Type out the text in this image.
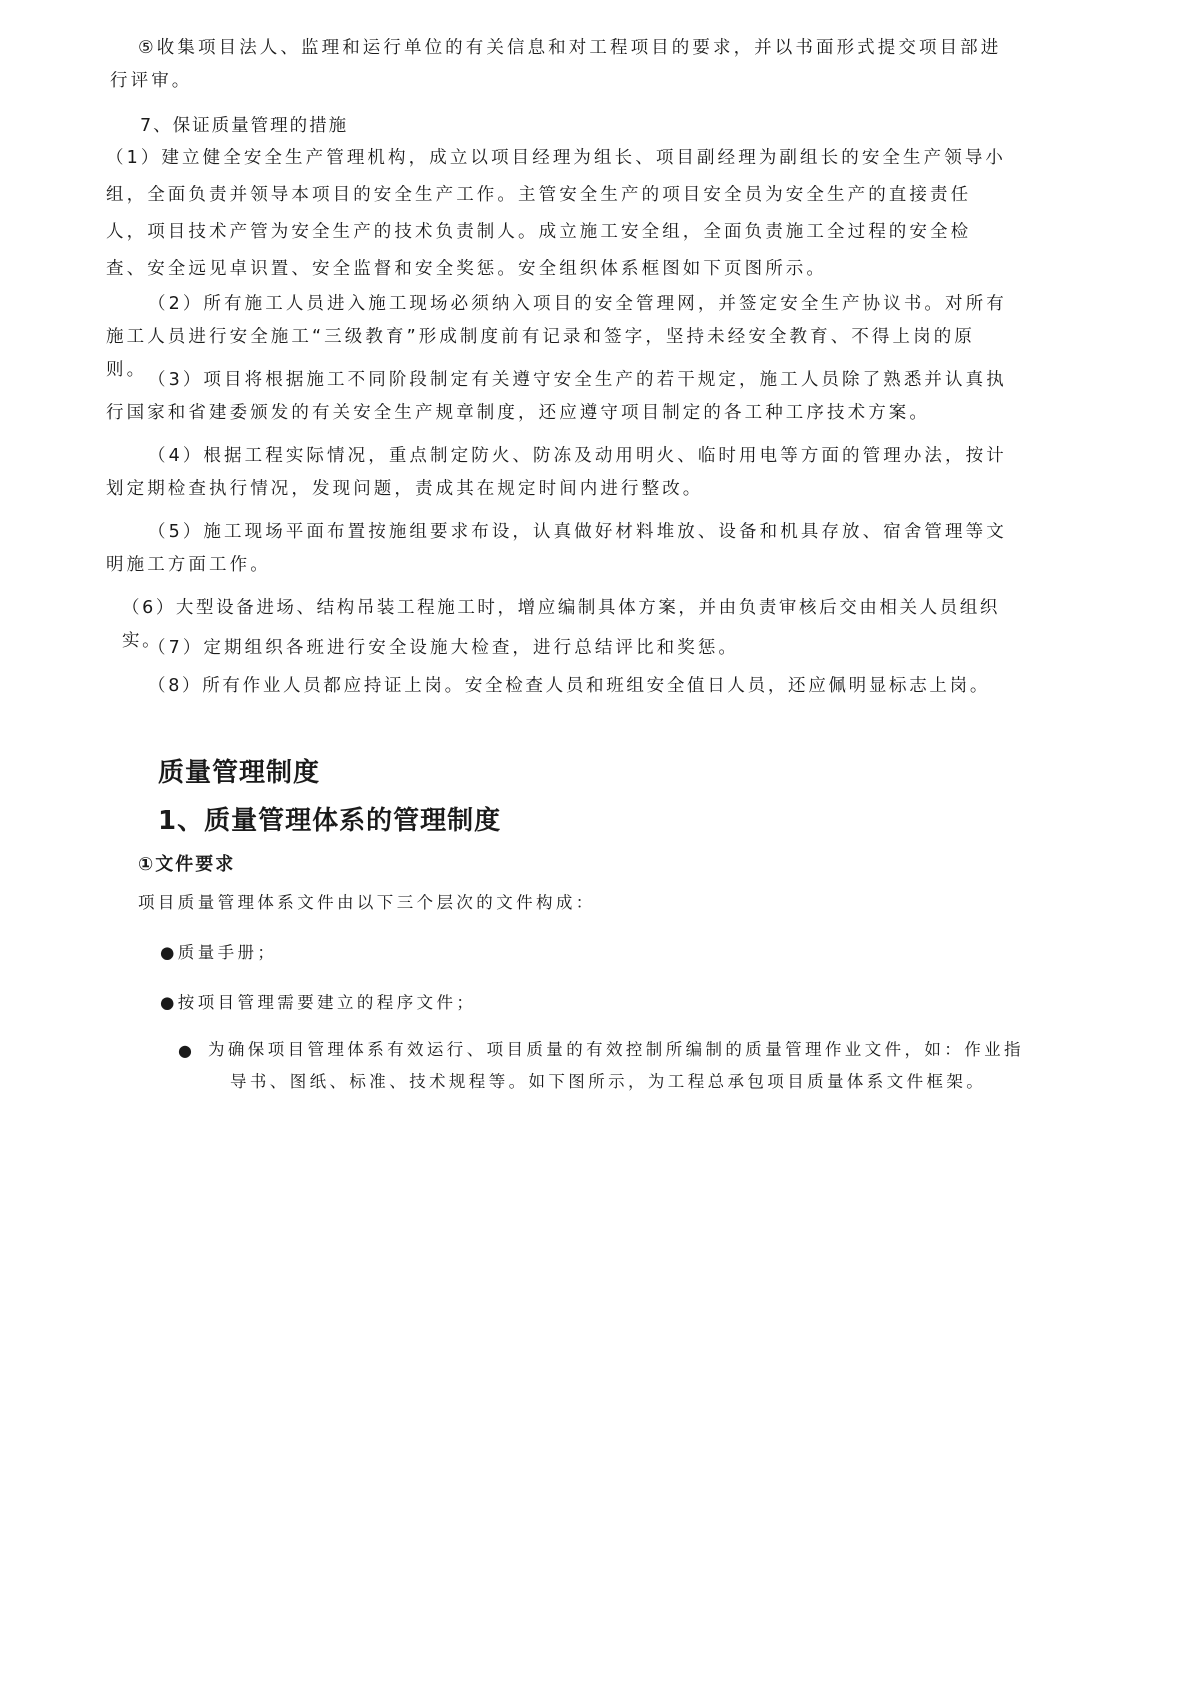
⑤收集项目法人、监理和运行单位的有关信息和对工程项目的要求，并以书面形式提交项目部进行评审。

7、保证质量管理的措施

（1）建立健全安全生产管理机构，成立以项目经理为组长、项目副经理为副组长的安全生产领导小组，全面负责并领导本项目的安全生产工作。主管安全生产的项目安全员为安全生产的直接责任人，项目技术产管为安全生产的技术负责制人。成立施工安全组，全面负责施工全过程的安全检查、安全远见卓识置、安全监督和安全奖惩。安全组织体系框图如下页图所示。

（2）所有施工人员进入施工现场必须纳入项目的安全管理网，并签定安全生产协议书。对所有施工人员进行安全施工“三级教育”形成制度前有记录和签字，坚持未经安全教育、不得上岗的原则。 （3）项目将根据施工不同阶段制定有关遵守安全生产的若干规定，施工人员除了熟悉并认真执行国家和省建委颁发的有关安全生产规章制度，还应遵守项目制定的各工种工序技术方案。

（4）根据工程实际情况，重点制定防火、防冻及动用明火、临时用电等方面的管理办法，按计划定期检查执行情况，发现问题，责成其在规定时间内进行整改。

（5）施工现场平面布置按施组要求布设，认真做好材料堆放、设备和机具存放、宿舍管理等文明施工方面工作。

（6）大型设备进场、结构吊装工程施工时，增应编制具体方案，并由负责审核后交由相关人员组织实。

（7）定期组织各班进行安全设施大检查，进行总结评比和奖惩。

（8）所有作业人员都应持证上岗。安全检查人员和班组安全值日人员，还应佩明显标志上岗。

质量管理制度
1、质量管理体系的管理制度
①文件要求

项目质量管理体系文件由以下三个层次的文件构成：

●质量手册；

●按项目管理需要建立的程序文件；

● 为确保项目管理体系有效运行、项目质量的有效控制所编制的质量管理作业文件，如：作业指导书、图纸、标准、技术规程等。如下图所示，为工程总承包项目质量体系文件框架。
